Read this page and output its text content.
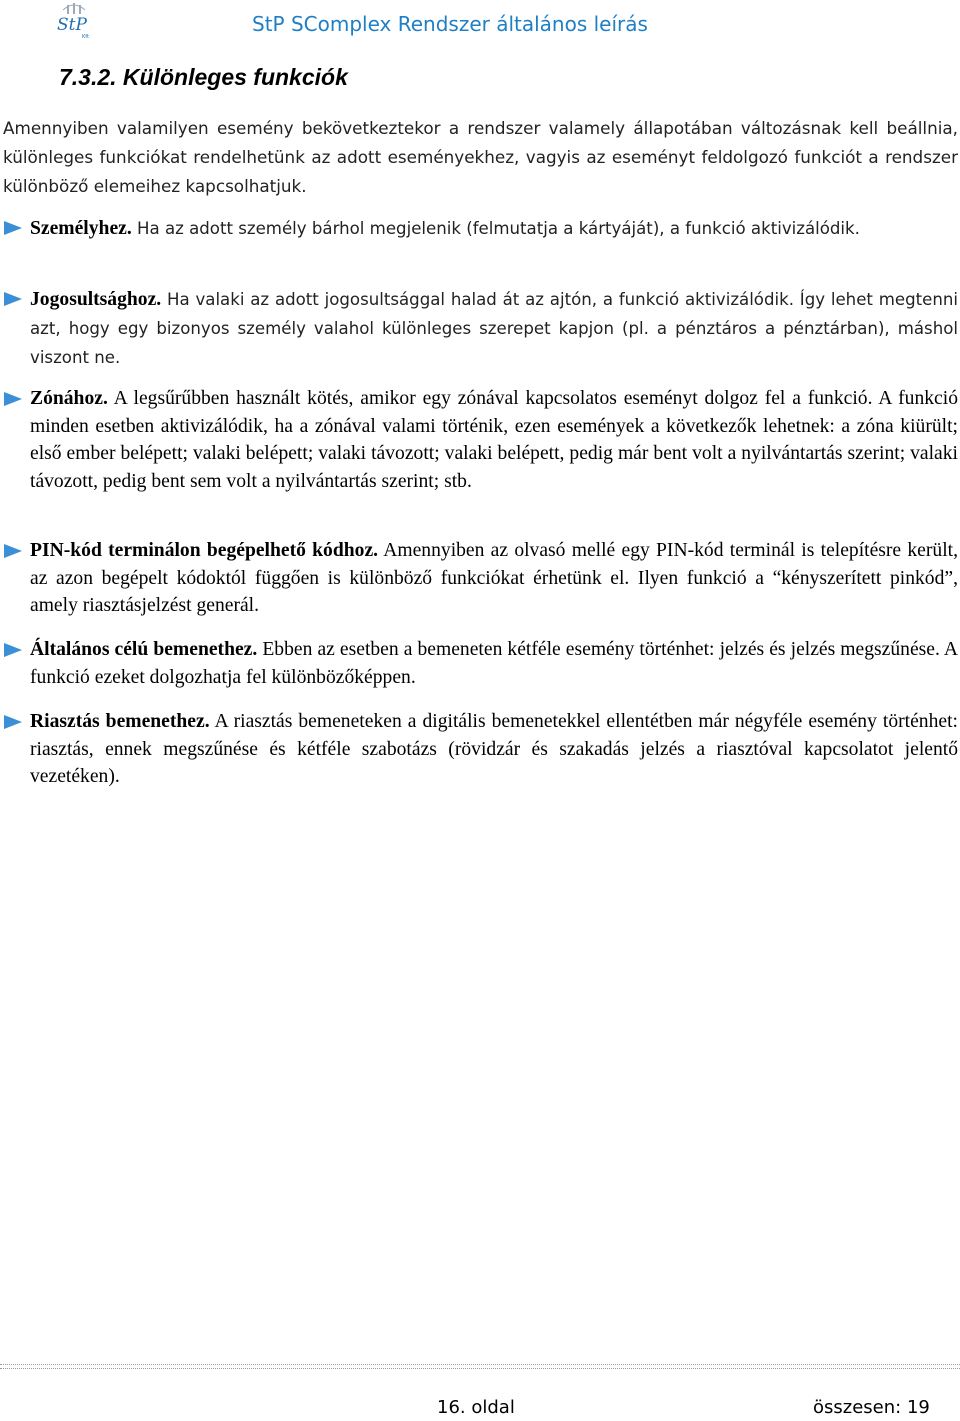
StP
Kft
StP SComplex Rendszer általános leírás
7.3.2. Különleges funkciók

Amennyiben valamilyen esemény bekövetkeztekor a rendszer valamely állapotában változásnak kell beállnia, különleges funkciókat rendelhetünk az adott eseményekhez, vagyis az eseményt feldolgozó funkciót a rendszer különböző elemeihez kapcsolhatjuk.

Személyhez. Ha az adott személy bárhol megjelenik (felmutatja a kártyáját), a funkció aktivizálódik.

Jogosultsághoz. Ha valaki az adott jogosultsággal halad át az ajtón, a funkció aktivizálódik. Így lehet megtenni azt, hogy egy bizonyos személy valahol különleges szerepet kapjon (pl. a pénztáros a pénztárban), máshol viszont ne.

Zónához. A legsűrűbben használt kötés, amikor egy zónával kapcsolatos eseményt dolgoz fel a funkció. A funkció minden esetben aktivizálódik, ha a zónával valami történik, ezen események a következők lehetnek: a zóna kiürült; első ember belépett; valaki belépett; valaki távozott; valaki belépett, pedig már bent volt a nyilvántartás szerint; valaki távozott, pedig bent sem volt a nyilvántartás szerint; stb.

PIN-kód terminálon begépelhető kódhoz. Amennyiben az olvasó mellé egy PIN-kód terminál is telepítésre került, az azon begépelt kódoktól függően is különböző funkciókat érhetünk el. Ilyen funkció a “kényszerített pinkód”, amely riasztásjelzést generál.

Általános célú bemenethez. Ebben az esetben a bemeneten kétféle esemény történhet: jelzés és jelzés megszűnése. A funkció ezeket dolgozhatja fel különbözőképpen.

Riasztás bemenethez. A riasztás bemeneteken a digitális bemenetekkel ellentétben már négyféle esemény történhet: riasztás, ennek megszűnése és kétféle szabotázs (rövidzár és szakadás jelzés a riasztóval kapcsolatot jelentő vezetéken).

16. oldal	összesen: 19
